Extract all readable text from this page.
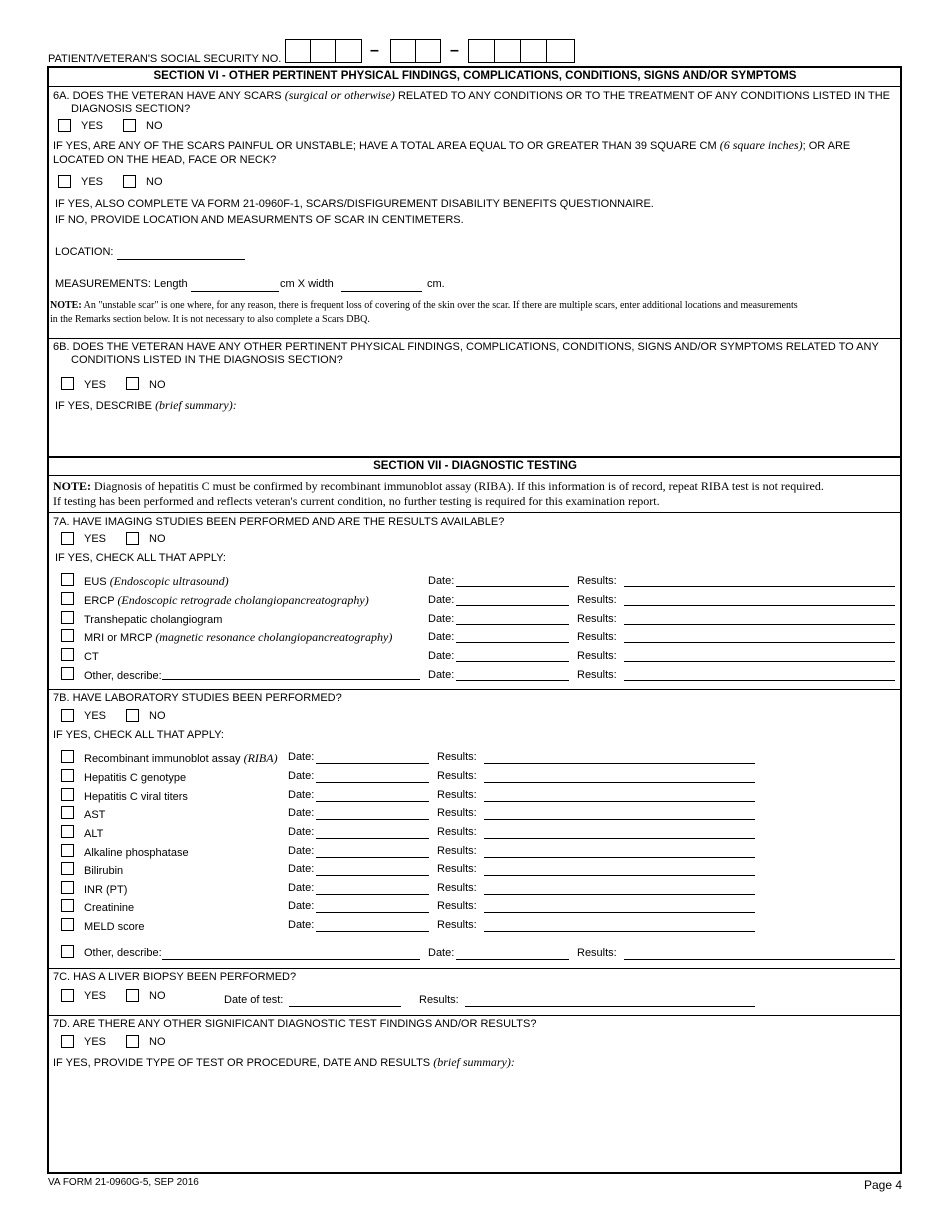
PATIENT/VETERAN'S SOCIAL SECURITY NO.	–	–
SECTION VI - OTHER PERTINENT PHYSICAL FINDINGS, COMPLICATIONS, CONDITIONS, SIGNS AND/OR SYMPTOMS
6A. DOES THE VETERAN HAVE ANY SCARS (surgical or otherwise) RELATED TO ANY CONDITIONS OR TO THE TREATMENT OF ANY CONDITIONS LISTED IN THE
DIAGNOSIS SECTION?
YES	NO
IF YES, ARE ANY OF THE SCARS PAINFUL OR UNSTABLE; HAVE A TOTAL AREA EQUAL TO OR GREATER THAN 39 SQUARE CM (6 square inches); OR ARE
LOCATED ON THE HEAD, FACE OR NECK?
YES	NO
IF YES, ALSO COMPLETE VA FORM 21-0960F-1, SCARS/DISFIGUREMENT DISABILITY BENEFITS QUESTIONNAIRE.
IF NO, PROVIDE LOCATION AND MEASURMENTS OF SCAR IN CENTIMETERS.
LOCATION:
MEASUREMENTS: Length	cm X width	cm.
NOTE: An "unstable scar" is one where, for any reason, there is frequent loss of covering of the skin over the scar. If there are multiple scars, enter additional locations and measurements
in the Remarks section below. It is not necessary to also complete a Scars DBQ.
6B. DOES THE VETERAN HAVE ANY OTHER PERTINENT PHYSICAL FINDINGS, COMPLICATIONS, CONDITIONS, SIGNS AND/OR SYMPTOMS RELATED TO ANY
CONDITIONS LISTED IN THE DIAGNOSIS SECTION?
YES	NO
IF YES, DESCRIBE (brief summary):
SECTION VII - DIAGNOSTIC TESTING
NOTE: Diagnosis of hepatitis C must be confirmed by recombinant immunoblot assay (RIBA). If this information is of record, repeat RIBA test is not required.
If testing has been performed and reflects veteran's current condition, no further testing is required for this examination report.
7A. HAVE IMAGING STUDIES BEEN PERFORMED AND ARE THE RESULTS AVAILABLE?
YES	NO
IF YES, CHECK ALL THAT APPLY:
EUS (Endoscopic ultrasound)	Date:	Results:
ERCP (Endoscopic retrograde cholangiopancreatography)	Date:	Results:
Transhepatic cholangiogram	Date:	Results:
MRI or MRCP (magnetic resonance cholangiopancreatography)	Date:	Results:
CT	Date:	Results:
Other, describe:	Date:	Results:
7B. HAVE LABORATORY STUDIES BEEN PERFORMED?
YES	NO
IF YES, CHECK ALL THAT APPLY:
Recombinant immunoblot assay (RIBA) Date:	Results:
Hepatitis C genotype	Date:	Results:
Hepatitis C viral titers	Date:	Results:
AST	Date:	Results:
ALT	Date:	Results:
Alkaline phosphatase	Date:	Results:
Bilirubin	Date:	Results:
INR (PT)	Date:	Results:
Creatinine	Date:	Results:
MELD score	Date:	Results:
Other, describe:	Date:	Results:
7C. HAS A LIVER BIOPSY BEEN PERFORMED?
YES	NO	Date of test:	Results:
7D. ARE THERE ANY OTHER SIGNIFICANT DIAGNOSTIC TEST FINDINGS AND/OR RESULTS?
YES	NO
IF YES, PROVIDE TYPE OF TEST OR PROCEDURE, DATE AND RESULTS (brief summary):
VA FORM 21-0960G-5, SEP 2016	Page 4
